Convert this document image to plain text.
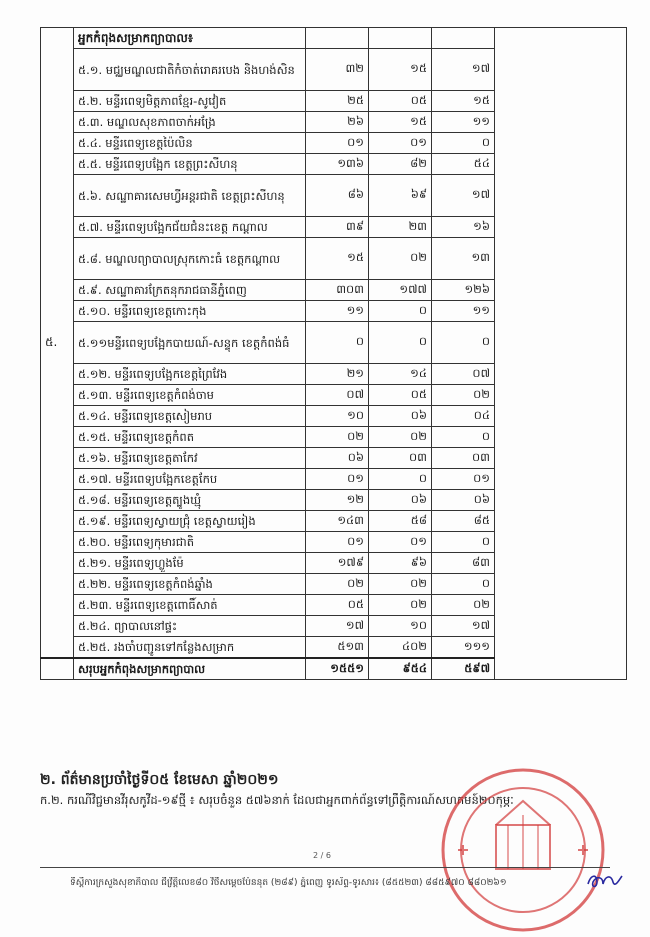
៥.	អ្នកកំពុងសម្រាកព្យាបាល៖				
	៥.១. មជ្ឈមណ្ឌលជាតិកំចាត់រោគរបេង និងហង់សិន	៣២	១៥	១៧	
	៥.២. មន្ទីរពេទ្យមិត្តភាពខ្មែរ-សូវៀត	២៥	០៥	១៥	
	៥.៣. មណ្ឌលសុខភាពចាក់អង្រែ	២៦	១៥	១១	
	៥.៤. មន្ទីរពេទ្យខេត្តប៉ៃលិន	០១	០១	០	
	៥.៥. មន្ទីរពេទ្យបង្អែក ខេត្តព្រះសីហនុ	១៣៦	៨២	៥៤	
	៥.៦. សណ្ឋាគារសេមហ្វីអន្តរជាតិ ខេត្តព្រះសីហនុ	៨៦	៦៩	១៧	
	៥.៧. មន្ទីរពេទ្យបង្អែកជ័យជំនះខេត្ត កណ្ដាល	៣៩	២៣	១៦	
	៥.៨. មណ្ឌលព្យាបាលស្រុកកោះធំ ខេត្តកណ្ដាល	១៥	០២	១៣	
	៥.៩. សណ្ឋាគារក្រែតនុករាជធានីភ្នំពេញ	៣០៣	១៧៧	១២៦	
	៥.១០. មន្ទីរពេទ្យខេត្តកោះកុង	១១	០	១១	
	៥.១១មន្ទីរពេទ្យបង្អែកបាយណ៍-សន្ទុក ខេត្តកំពង់ធំ	០	០	០	
	៥.១២. មន្ទីរពេទ្យបង្អែកខេត្តព្រៃវែង	២១	១៤	០៧	
	៥.១៣. មន្ទីរពេទ្យខេត្តកំពង់ចាម	០៧	០៥	០២	
	៥.១៤. មន្ទីរពេទ្យខេត្តសៀមរាប	១០	០៦	០៤	
	៥.១៥. មន្ទីរពេទ្យខេត្តកំពត	០២	០២	០	
	៥.១៦. មន្ទីរពេទ្យខេត្តតាកែវ	០៦	០៣	០៣	
	៥.១៧. មន្ទីរពេទ្យបង្អែកខេត្តកែប	០១	០	០១	
	៥.១៨. មន្ទីរពេទ្យខេត្តត្បូងឃ្មុំ	១២	០៦	០៦	
	៥.១៩. មន្ទីរពេទ្យស្វាយជ្រុំ ខេត្តស្វាយរៀង	១៤៣	៥៨	៨៥	
	៥.២០. មន្ទីរពេទ្យកុមារជាតិ	០១	០១	០	
	៥.២១. មន្ទីរពេទ្យហ្លួងម៉ែ	១៧៩	៩៦	៨៣	
	៥.២២. មន្ទីរពេទ្យខេត្តកំពង់ឆ្នាំង	០២	០២	០	
	៥.២៣. មន្ទីរពេទ្យខេត្តពោធិ៍សាត់	០៥	០២	០២	
	៥.២៤. ព្យាបាលនៅផ្ទះ	១៧	១០	១៧	
	៥.២៥. រងចាំបញ្ជូនទៅកន្លែងសម្រាក	៥១៣	៤០២	១១១	
	សរុបអ្នកកំពុងសម្រាកព្យាបាល	១៥៥១	៩៥៤	៥៩៧	
២. ព័ត៌មានប្រចាំថ្ងៃទី០៥ ខែមេសា ឆ្នាំ២០២១
ក.២. ករណីវិជ្ជមានវីរុសកូវីដ-១៩ថ្មី ៖ សរុបចំនួន ៥៧៦នាក់ ដែលជាអ្នកពាក់ព័ន្ធទៅព្រឹត្តិការណ៍សហគមន៍២០កុម្ភៈ
2 / 6
ទីស្តីការក្រសួងសុខាភិបាល ជីវ្រឹត្តិលេខ៨០ វិថីសម្តេចប៉ែននុត (២៨៩) ភ្នំពេញ ទូរស័ព្ទ-ទូរសារ៖ (៨៥៥២៣) ៨៨៥៩៧០ ៨៨០២៦១
